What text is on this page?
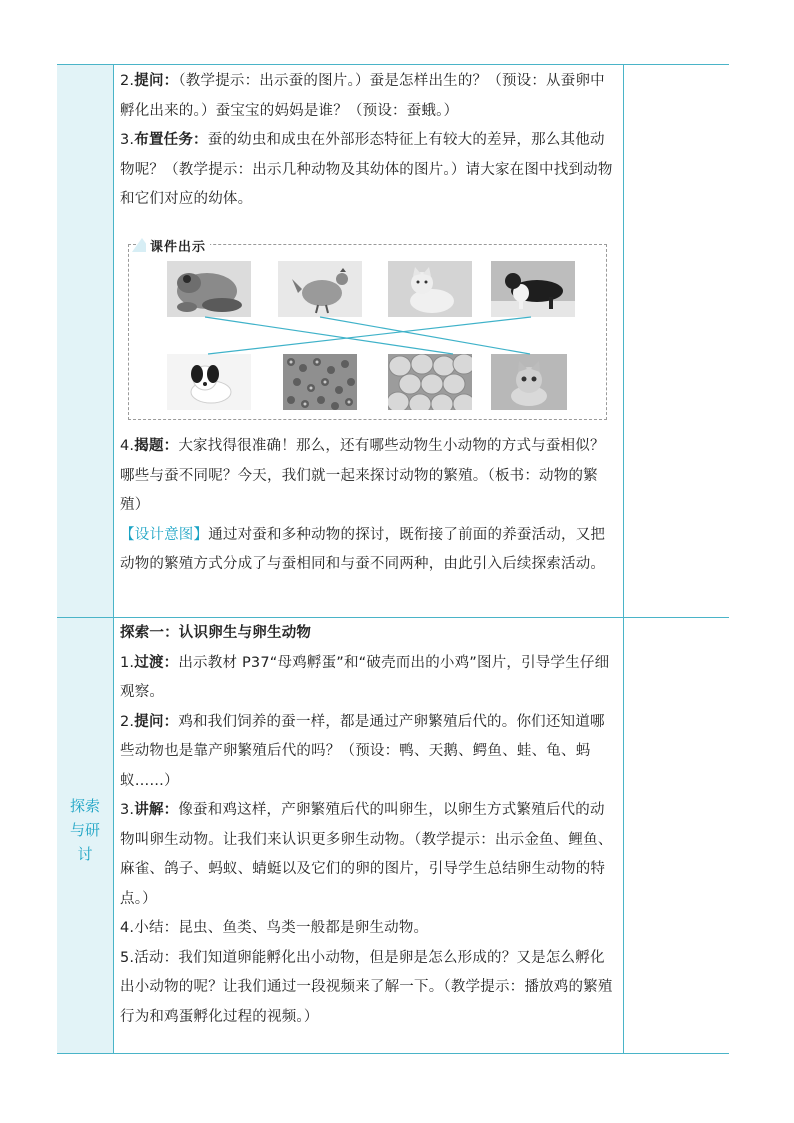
探索
与研
讨

2.提问：（教学提示：出示蚕的图片。）蚕是怎样出生的？（预设：从蚕卵中孵化出来的。）蚕宝宝的妈妈是谁？（预设：蚕蛾。）

3.布置任务：蚕的幼虫和成虫在外部形态特征上有较大的差异，那么其他动物呢？（教学提示：出示几种动物及其幼体的图片。）请大家在图中找到动物和它们对应的幼体。

课件出示

4.揭题：大家找得很准确！那么，还有哪些动物生小动物的方式与蚕相似？哪些与蚕不同呢？今天，我们就一起来探讨动物的繁殖。（板书：动物的繁殖）

【设计意图】通过对蚕和多种动物的探讨，既衔接了前面的养蚕活动，又把动物的繁殖方式分成了与蚕相同和与蚕不同两种，由此引入后续探索活动。

探索一：认识卵生与卵生动物

1.过渡：出示教材 P37“母鸡孵蛋”和“破壳而出的小鸡”图片，引导学生仔细观察。

2.提问：鸡和我们饲养的蚕一样，都是通过产卵繁殖后代的。你们还知道哪些动物也是靠产卵繁殖后代的吗？（预设：鸭、天鹅、鳄鱼、蛙、龟、蚂蚁……）

3.讲解：像蚕和鸡这样，产卵繁殖后代的叫卵生，以卵生方式繁殖后代的动物叫卵生动物。让我们来认识更多卵生动物。（教学提示：出示金鱼、鲤鱼、麻雀、鸽子、蚂蚁、蜻蜓以及它们的卵的图片，引导学生总结卵生动物的特点。）

4.小结：昆虫、鱼类、鸟类一般都是卵生动物。

5.活动：我们知道卵能孵化出小动物，但是卵是怎么形成的？又是怎么孵化出小动物的呢？让我们通过一段视频来了解一下。（教学提示：播放鸡的繁殖行为和鸡蛋孵化过程的视频。）
